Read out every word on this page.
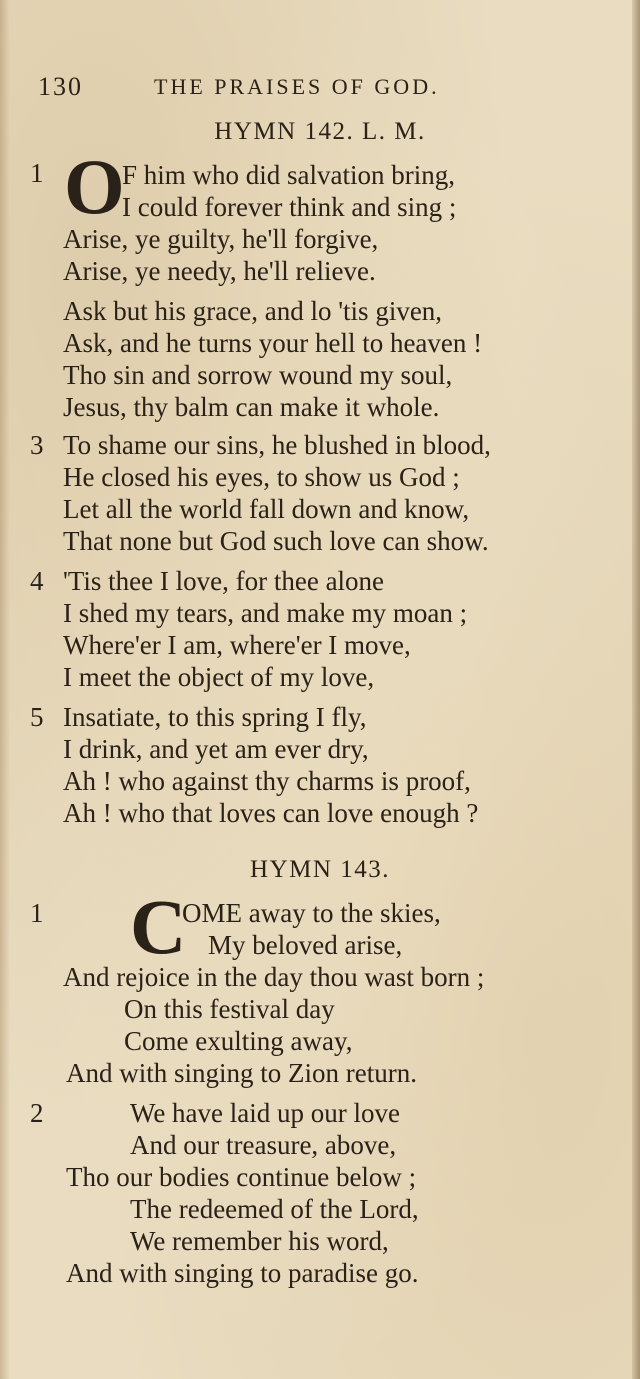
130	THE PRAISES OF GOD.
HYMN 142. L. M.
1 O
F him who did salvation bring,
I could forever think and sing ;
Arise, ye guilty, he'll forgive,
Arise, ye needy, he'll relieve.
Ask but his grace, and lo 'tis given,
Ask, and he turns your hell to heaven !
Tho sin and sorrow wound my soul,
Jesus, thy balm can make it whole.
3 To shame our sins, he blushed in blood,
He closed his eyes, to show us God ;
Let all the world fall down and know,
That none but God such love can show.
4 'Tis thee I love, for thee alone
I shed my tears, and make my moan ;
Where'er I am, where'er I move,
I meet the object of my love,
5 Insatiate, to this spring I fly,
I drink, and yet am ever dry,
Ah ! who against thy charms is proof,
Ah ! who that loves can love enough ?
HYMN 143.
1 C
OME away to the skies,
My beloved arise,
And rejoice in the day thou wast born ;
On this festival day
Come exulting away,
And with singing to Zion return.
2	We have laid up our love
And our treasure, above,
Tho our bodies continue below ;
The redeemed of the Lord,
We remember his word,
And with singing to paradise go.
